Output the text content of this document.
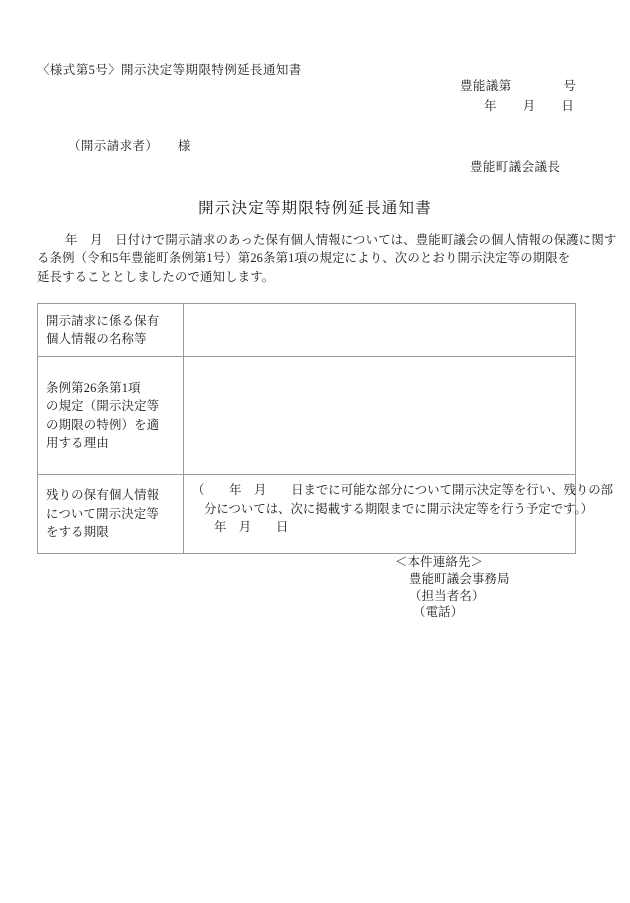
〈様式第5号〉開示決定等期限特例延長通知書
豊能議第　　　　号
年　　月　　日
（開示請求者）　　様
豊能町議会議長
開示決定等期限特例延長通知書
年　月　日付けで開示請求のあった保有個人情報については、豊能町議会の個人情報の保護に関す
る条例（令和5年豊能町条例第1号）第26条第1項の規定により、次のとおり開示決定等の期限を
延長することとしましたので通知します。
開示請求に係る保有
個人情報の名称等	

条例第26条第1項
の規定（開示決定等
の期限の特例）を適
用する理由	

残りの保有個人情報
について開示決定等
をする期限	（　　年　月　　日までに可能な部分について開示決定等を行い、残りの部
分については、次に掲載する期限までに開示決定等を行う予定です。）
年　月　　日
＜本件連絡先＞
豊能町議会事務局
（担当者名）
（電話）
